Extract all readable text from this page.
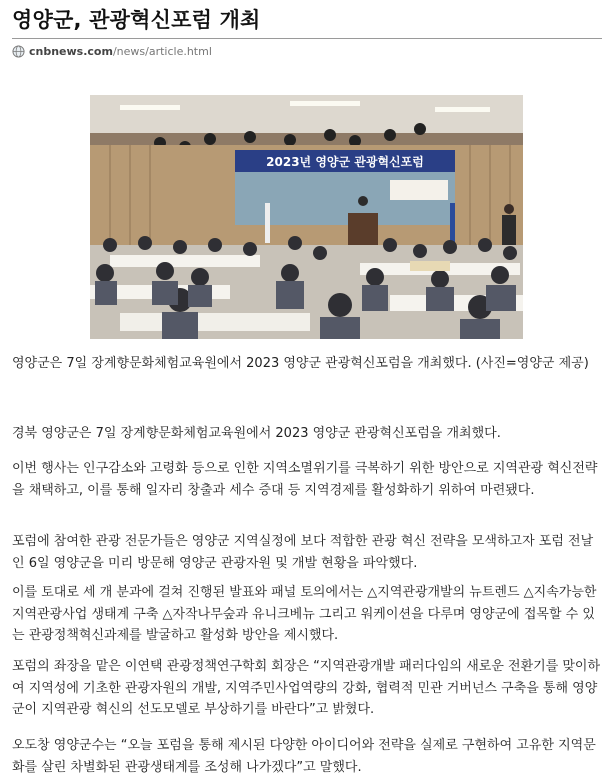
영양군, 관광혁신포럼 개최
cnbnews.com /news/article.html
2023년 영양군 관광혁신포럼

영양군은 7일 장계향문화체험교육원에서 2023 영양군 관광혁신포럼을 개최했다. (사진=영양군 제공)

경북 영양군은 7일 장계향문화체험교육원에서 2023 영양군 관광혁신포럼을 개최했다.

이번 행사는 인구감소와 고령화 등으로 인한 지역소멸위기를 극복하기 위한 방안으로 지역관광 혁신전략을 채택하고, 이를 통해 일자리 창출과 세수 증대 등 지역경제를 활성화하기 위하여 마련됐다.

포럼에 참여한 관광 전문가들은 영양군 지역실정에 보다 적합한 관광 혁신 전략을 모색하고자 포럼 전날인 6일 영양군을 미리 방문해 영양군 관광자원 및 개발 현황을 파악했다.

이를 토대로 세 개 분과에 걸쳐 진행된 발표와 패널 토의에서는 △지역관광개발의 뉴트렌드 △지속가능한 지역관광사업 생태계 구축 △자작나무숲과 유니크베뉴 그리고 워케이션을 다루며 영양군에 접목할 수 있는 관광정책혁신과제를 발굴하고 활성화 방안을 제시했다.

포럼의 좌장을 맡은 이연택 관광정책연구학회 회장은 “지역관광개발 패러다임의 새로운 전환기를 맞이하여 지역성에 기초한 관광자원의 개발, 지역주민사업역량의 강화, 협력적 민관 거버넌스 구축을 통해 영양군이 지역관광 혁신의 선도모델로 부상하기를 바란다”고 밝혔다.

오도창 영양군수는 “오늘 포럼을 통해 제시된 다양한 아이디어와 전략을 실제로 구현하여 고유한 지역문화를 살린 차별화된 관광생태계를 조성해 나가겠다”고 말했다.
